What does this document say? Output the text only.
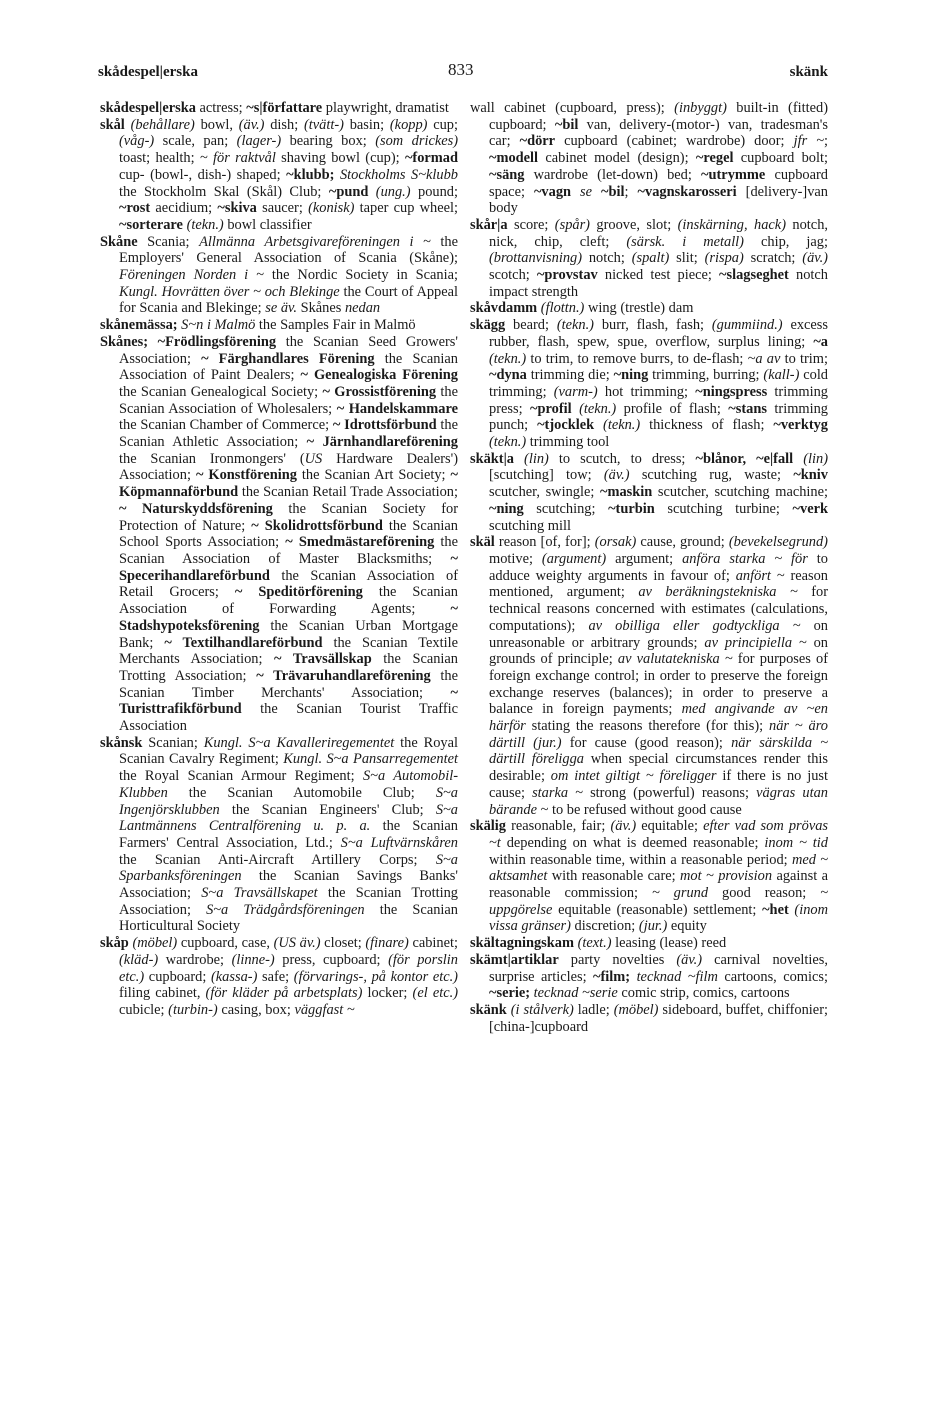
skådespel|erska	833	skänk
skådespel|erska actress; ~s|författare playwright, dramatist
skål (behållare) bowl, (äv.) dish; (tvätt-) basin; (kopp) cup; (våg-) scale, pan; (lager-) bearing box; (som drickes) toast; health; ~ för raktvål shaving bowl (cup); ~formad cup- (bowl-, dish-) shaped; ~klubb; Stockholms S~klubb the Stockholm Skal (Skål) Club; ~pund (ung.) pound; ~rost aecidium; ~skiva saucer; (konisk) taper cup wheel; ~sorterare (tekn.) bowl classifier
Skåne Scania; Allmänna Arbetsgivareföreningen i ~ the Employers' General Association of Scania (Skåne); Föreningen Norden i ~ the Nordic Society in Scania; Kungl. Hovrätten över ~ och Blekinge the Court of Appeal for Scania and Blekinge; se äv. Skånes nedan
skånemässa; S~n i Malmö the Samples Fair in Malmö
Skånes; ~Frödlingsförening the Scanian Seed Growers' Association; ~ Färghandlares Förening the Scanian Association of Paint Dealers; ~ Genealogiska Förening the Scanian Genealogical Society; ~ Grossistförening the Scanian Association of Wholesalers; ~ Handelskammare the Scanian Chamber of Commerce; ~ Idrottsförbund the Scanian Athletic Association; ~ Järnhandlareförening the Scanian Ironmongers' (US Hardware Dealers') Association; ~ Konstförening the Scanian Art Society; ~ Köpmannaförbund the Scanian Retail Trade Association; ~ Naturskyddsförening the Scanian Society for Protection of Nature; ~ Skolidrottsförbund the Scanian School Sports Association; ~ Smedmästareförening the Scanian Association of Master Blacksmiths; ~ Specerihandlareförbund the Scanian Association of Retail Grocers; ~ Speditörförening the Scanian Association of Forwarding Agents; ~ Stadshypoteksförening the Scanian Urban Mortgage Bank; ~ Textilhandlareförbund the Scanian Textile Merchants Association; ~ Travsällskap the Scanian Trotting Association; ~ Trävaruhandlareförening the Scanian Timber Merchants' Association; ~ Turisttrafikförbund the Scanian Tourist Traffic Association
skånsk Scanian; Kungl. S~a Kavalleriregementet the Royal Scanian Cavalry Regiment; Kungl. S~a Pansarregementet the Royal Scanian Armour Regiment; S~a Automobil-Klubben the Scanian Automobile Club; S~a Ingenjörsklubben the Scanian Engineers' Club; S~a Lantmännens Centralförening u. p. a. the Scanian Farmers' Central Association, Ltd.; S~a Luftvärnskåren the Scanian Anti-Aircraft Artillery Corps; S~a Sparbanksföreningen the Scanian Savings Banks' Association; S~a Travsällskapet the Scanian Trotting Association; S~a Trädgårdsföreningen the Scanian Horticultural Society
skåp (möbel) cupboard, case, (US äv.) closet; (finare) cabinet; (kläd-) wardrobe; (linne-) press, cupboard; (för porslin etc.) cupboard; (kassa-) safe; (förvarings-, på kontor etc.) filing cabinet, (för kläder på arbetsplats) locker; (el etc.) cubicle; (turbin-) casing, box; väggfast ~
wall cabinet (cupboard, press); (inbyggt) built-in (fitted) cupboard; ~bil van, delivery-(motor-) van, tradesman's car; ~dörr cupboard (cabinet; wardrobe) door; jfr ~; ~modell cabinet model (design); ~regel cupboard bolt; ~säng wardrobe (let-down) bed; ~utrymme cupboard space; ~vagn se ~bil; ~vagnskarosseri [delivery-]van body
skår|a score; (spår) groove, slot; (inskärning, hack) notch, nick, chip, cleft; (särsk. i metall) chip, jag; (brottanvisning) notch; (spalt) slit; (rispa) scratch; (äv.) scotch; ~provstav nicked test piece; ~slagseghet notch impact strength
skåvdamm (flottn.) wing (trestle) dam
skägg beard; (tekn.) burr, flash, fash; (gummiind.) excess rubber, flash, spew, spue, overflow, surplus lining; ~a (tekn.) to trim, to remove burrs, to de-flash; ~a av to trim; ~dyna trimming die; ~ning trimming, burring; (kall-) cold trimming; (varm-) hot trimming; ~ningspress trimming press; ~profil (tekn.) profile of flash; ~stans trimming punch; ~tjocklek (tekn.) thickness of flash; ~verktyg (tekn.) trimming tool
skäkt|a (lin) to scutch, to dress; ~blånor, ~e|fall (lin) [scutching] tow; (äv.) scutching rug, waste; ~kniv scutcher, swingle; ~maskin scutcher, scutching machine; ~ning scutching; ~turbin scutching turbine; ~verk scutching mill
skäl reason [of, for]; (orsak) cause, ground; (bevekelsegrund) motive; (argument) argument; anföra starka ~ för to adduce weighty arguments in favour of; anfört ~ reason mentioned, argument; av beräkningstekniska ~ for technical reasons concerned with estimates (calculations, computations); av obilliga eller godtyckliga ~ on unreasonable or arbitrary grounds; av principiella ~ on grounds of principle; av valutatekniska ~ for purposes of foreign exchange control; in order to preserve the foreign exchange reserves (balances); in order to preserve a balance in foreign payments; med angivande av ~en härför stating the reasons therefore (for this); när ~ äro därtill (jur.) for cause (good reason); när särskilda ~ därtill föreligga when special circumstances render this desirable; om intet giltigt ~ föreligger if there is no just cause; starka ~ strong (powerful) reasons; vägras utan bärande ~ to be refused without good cause
skälig reasonable, fair; (äv.) equitable; efter vad som prövas ~t depending on what is deemed reasonable; inom ~ tid within reasonable time, within a reasonable period; med ~ aktsamhet with reasonable care; mot ~ provision against a reasonable commission; ~ grund good reason; ~ uppgörelse equitable (reasonable) settlement; ~het (inom vissa gränser) discretion; (jur.) equity
skältagningskam (text.) leasing (lease) reed
skämt|artiklar party novelties (äv.) carnival novelties, surprise articles; ~film; tecknad ~film cartoons, comics; ~serie; tecknad ~serie comic strip, comics, cartoons
skänk (i stålverk) ladle; (möbel) sideboard, buffet, chiffonier; [china-]cupboard
